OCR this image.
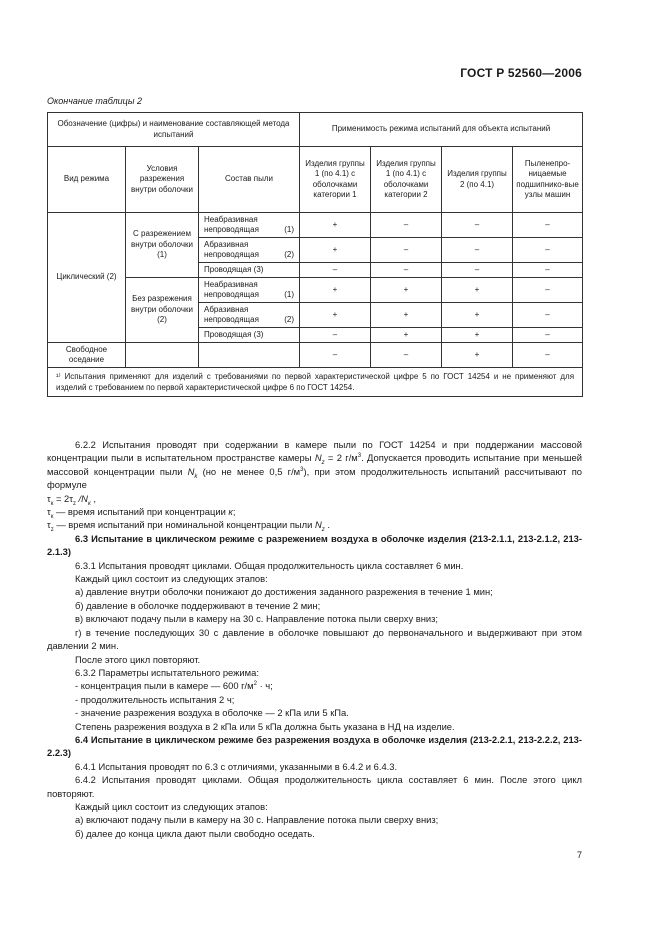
ГОСТ Р 52560—2006
Окончание таблицы 2
Обозначение (цифры) и наименование составляющей метода испытаний			Применимость режима испытаний для объекта испытаний			
Вид режима	Условия разрежения внутри оболочки	Состав пыли	Изделия группы 1 (по 4.1) с оболочками категории 1	Изделия группы 1 (по 4.1) с оболочками категории 2	Изделия группы 2 (по 4.1)	Пыленепро-ницаемые подшипнико-вые узлы машин
Циклический (2)	С разрежением внутри оболочки (1)	Неабразивная непроводящая (1)	+	–	–	–

		Абразивная непроводящая (2)	+	–	–	–
		Проводящая (3)	–	–	–	–
	Без разрежения внутри оболочки (2)	Неабразивная непроводящая (1)	+	+	+	–

		Абразивная непроводящая (2)	+	+	+	–
		Проводящая (3)	–	+	+	–
Свободное оседание			–	–	+	–
¹⁾ Испытания применяют для изделий с требованиями по первой характеристической цифре 5 по ГОСТ 14254 и не применяют для изделий с требованием по первой характеристической цифре 6 по ГОСТ 14254.						

6.2.2 Испытания проводят при содержании в камере пыли по ГОСТ 14254 и при поддержании массовой концентрации пыли в испытательном пространстве камеры $N_z = 2$ $г/м^3$. Допускается проводить испытание при меньшей массовой концентрации пыли $N_k$ (но не менее 0,5 $г/м^3$), при этом продолжительность испытаний рассчитывают по формуле

$\tau_к = 2\tau_z$ $/N_к$ ,

$\tau_к$ — время испытаний при концентрации к;

$\tau_z$ — время испытаний при номинальной концентрации пыли $N_z$ .

6.3 Испытание в циклическом режиме с разрежением воздуха в оболочке изделия (213-2.1.1, 213-2.1.2, 213-2.1.3)

6.3.1 Испытания проводят циклами. Общая продолжительность цикла составляет 6 мин.

Каждый цикл состоит из следующих этапов:

а) давление внутри оболочки понижают до достижения заданного разрежения в течение 1 мин;

б) давление в оболочке поддерживают в течение 2 мин;

в) включают подачу пыли в камеру на 30 с. Направление потока пыли сверху вниз;

г) в течение последующих 30 с давление в оболочке повышают до первоначального и выдерживают при этом давлении 2 мин.

После этого цикл повторяют.

6.3.2 Параметры испытательного режима:

- концентрация пыли в камере — 600 $г/м^2 \cdot ч$;

- продолжительность испытания 2 ч;

- значение разрежения воздуха в оболочке — 2 кПа или 5 кПа.

Степень разрежения воздуха в 2 кПа или 5 кПа должна быть указана в НД на изделие.

6.4 Испытание в циклическом режиме без разрежения воздуха в оболочке изделия (213-2.2.1, 213-2.2.2, 213-2.2.3)

6.4.1 Испытания проводят по 6.3 с отличиями, указанными в 6.4.2 и 6.4.3.

6.4.2 Испытания проводят циклами. Общая продолжительность цикла составляет 6 мин. После этого цикл повторяют.

Каждый цикл состоит из следующих этапов:

а) включают подачу пыли в камеру на 30 с. Направление потока пыли сверху вниз;

б) далее до конца цикла дают пыли свободно оседать.

7
